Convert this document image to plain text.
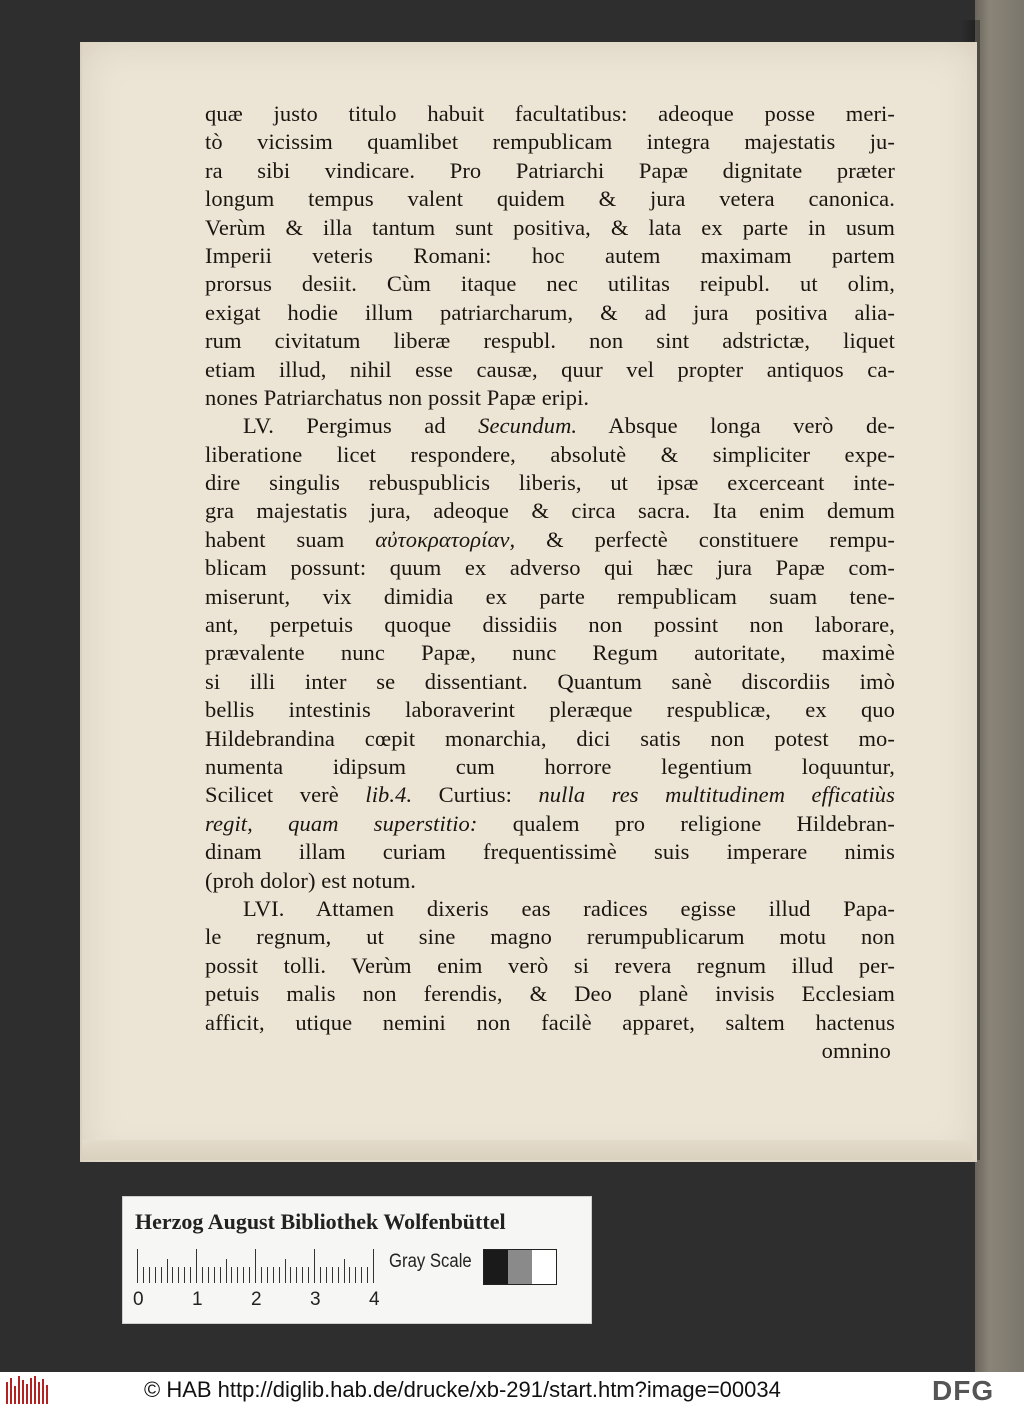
quæ justo titulo habuit facultatibus: adeoque posse meri-
tò vicissim quamlibet rempublicam integra majestatis ju-
ra sibi vindicare. Pro Patriarchi Papæ dignitate præter
longum tempus valent quidem & jura vetera canonica.
Verùm & illa tantum sunt positiva, & lata ex parte in usum
Imperii veteris Romani: hoc autem maximam partem
prorsus desiit. Cùm itaque nec utilitas reipubl. ut olim,
exigat hodie illum patriarcharum, & ad jura positiva alia-
rum civitatum liberæ respubl. non sint adstrictæ, liquet
etiam illud, nihil esse causæ, quur vel propter antiquos ca-
nones Patriarchatus non possit Papæ eripi.
LV. Pergimus ad Secundum. Absque longa verò de-
liberatione licet respondere, absolutè & simpliciter expe-
dire singulis rebuspublicis liberis, ut ipsæ excerceant inte-
gra majestatis jura, adeoque & circa sacra. Ita enim demum
habent suam αὐτοκρατορίαν, & perfectè constituere rempu-
blicam possunt: quum ex adverso qui hæc jura Papæ com-
miserunt, vix dimidia ex parte rempublicam suam tene-
ant, perpetuis quoque dissidiis non possint non laborare,
prævalente nunc Papæ, nunc Regum autoritate, maximè
si illi inter se dissentiant. Quantum sanè discordiis imò
bellis intestinis laboraverint pleræque respublicæ, ex quo
Hildebrandina cœpit monarchia, dici satis non potest mo-
numenta idipsum cum horrore legentium loquuntur,
Scilicet verè lib.4. Curtius: nulla res multitudinem efficatiùs
regit, quam superstitio: qualem pro religione Hildebran-
dinam illam curiam frequentissimè suis imperare nimis
(proh dolor) est notum.
LVI. Attamen dixeris eas radices egisse illud Papa-
le regnum, ut sine magno rerumpublicarum motu non
possit tolli. Verùm enim verò si revera regnum illud per-
petuis malis non ferendis, & Deo planè invisis Ecclesiam
afficit, utique nemini non facilè apparet, saltem hactenus
omnino
Herzog August Bibliothek Wolfenbüttel
0	1	2	3	4
Gray Scale
© HAB http://diglib.hab.de/drucke/xb-291/start.htm?image=00034	DFG
